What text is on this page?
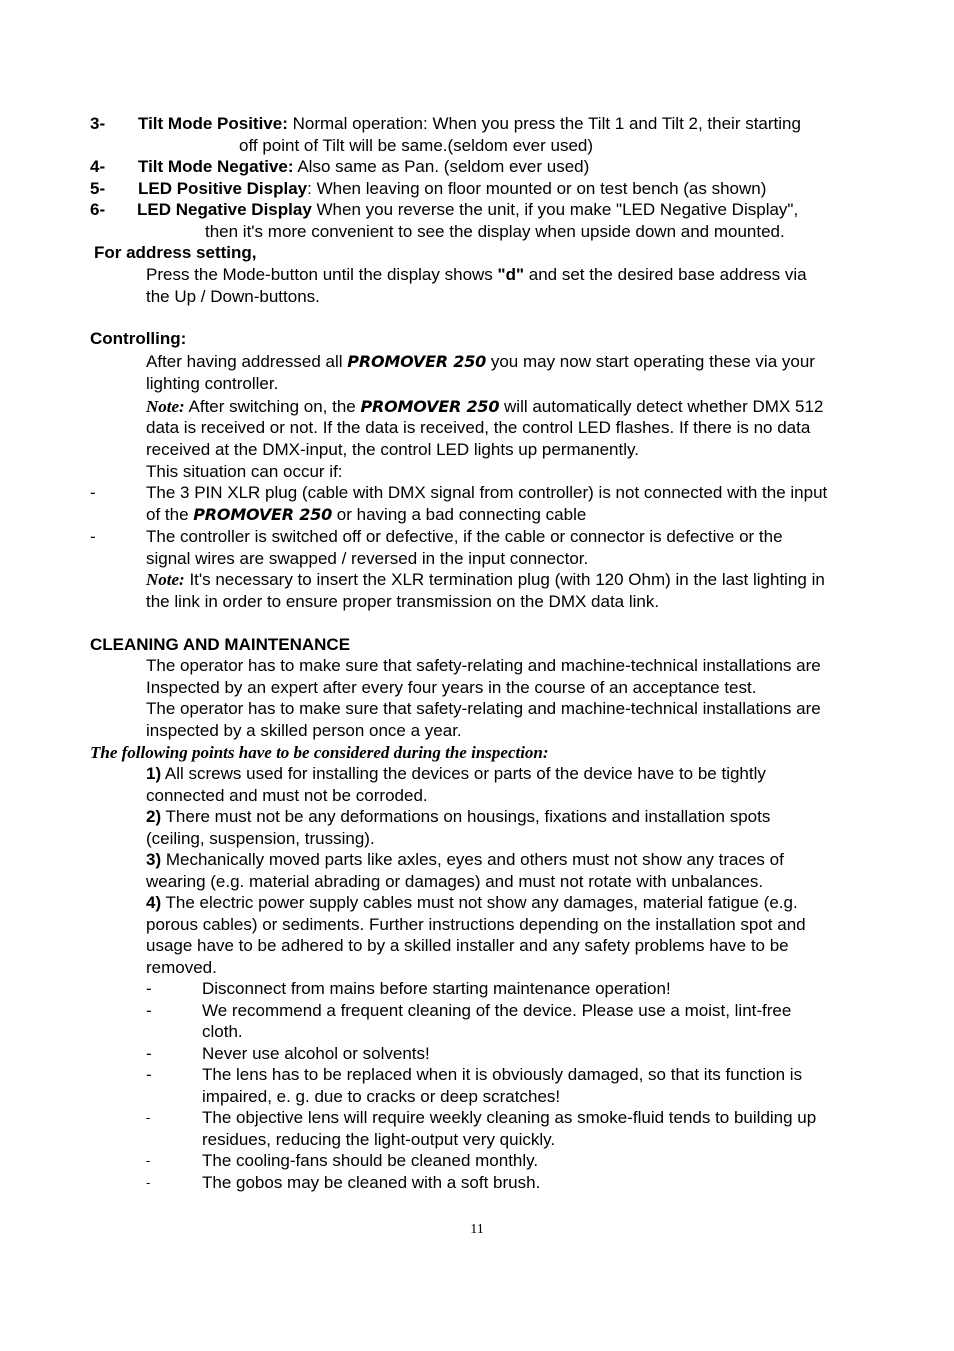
3- Tilt Mode Positive: Normal operation: When you press the Tilt 1 and Tilt 2, their starting
off point of Tilt will be same.(seldom ever used)
4- Tilt Mode Negative: Also same as Pan. (seldom ever used)
5- LED Positive Display: When leaving on floor mounted or on test bench (as shown)
6- LED Negative Display When you reverse the unit, if you make "LED Negative Display",
then it's more convenient to see the display when upside down and mounted.
For address setting,
Press the Mode-button until the display shows "d" and set the desired base address via
the Up / Down-buttons.
Controlling:
After having addressed all PROMOVER 250 you may now start operating these via your
lighting controller.
Note: After switching on, the PROMOVER 250 will automatically detect whether DMX 512
data is received or not. If the data is received, the control LED flashes. If there is no data
received at the DMX-input, the control LED lights up permanently.
This situation can occur if:
-	The 3 PIN XLR plug (cable with DMX signal from controller) is not connected with the input
of the PROMOVER 250 or having a bad connecting cable
-	The controller is switched off or defective, if the cable or connector is defective or the
signal wires are swapped / reversed in the input connector.
Note: It's necessary to insert the XLR termination plug (with 120 Ohm) in the last lighting in
the link in order to ensure proper transmission on the DMX data link.
CLEANING AND MAINTENANCE
The operator has to make sure that safety-relating and machine-technical installations are
Inspected by an expert after every four years in the course of an acceptance test.
The operator has to make sure that safety-relating and machine-technical installations are
inspected by a skilled person once a year.
The following points have to be considered during the inspection:
1) All screws used for installing the devices or parts of the device have to be tightly
connected and must not be corroded.
2) There must not be any deformations on housings, fixations and installation spots
(ceiling, suspension, trussing).
3) Mechanically moved parts like axles, eyes and others must not show any traces of
wearing (e.g. material abrading or damages) and must not rotate with unbalances.
4) The electric power supply cables must not show any damages, material fatigue (e.g.
porous cables) or sediments. Further instructions depending on the installation spot and
usage have to be adhered to by a skilled installer and any safety problems have to be
removed.
-	Disconnect from mains before starting maintenance operation!
-	We recommend a frequent cleaning of the device. Please use a moist, lint-free
cloth.
-	Never use alcohol or solvents!
-	The lens has to be replaced when it is obviously damaged, so that its function is
impaired, e. g. due to cracks or deep scratches!
-	The objective lens will require weekly cleaning as smoke-fluid tends to building up
residues, reducing the light-output very quickly.
-	The cooling-fans should be cleaned monthly.
-	The gobos may be cleaned with a soft brush.
11
